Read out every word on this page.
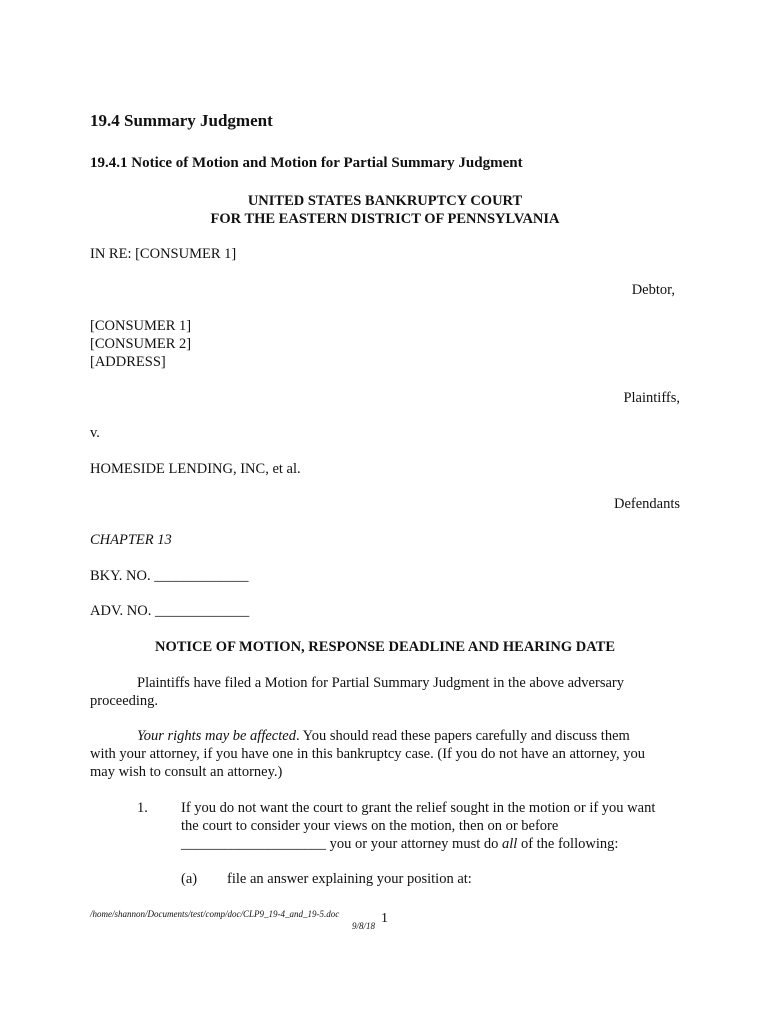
19.4 Summary Judgment
19.4.1 Notice of Motion and Motion for Partial Summary Judgment
UNITED STATES BANKRUPTCY COURT
FOR THE EASTERN DISTRICT OF PENNSYLVANIA
IN RE: [CONSUMER 1]
Debtor,
[CONSUMER 1]
[CONSUMER 2]
[ADDRESS]
Plaintiffs,
v.
HOMESIDE LENDING, INC, et al.
Defendants
CHAPTER 13
BKY. NO. _____________
ADV. NO. _____________
NOTICE OF MOTION, RESPONSE DEADLINE AND HEARING DATE
Plaintiffs have filed a Motion for Partial Summary Judgment in the above adversary
proceeding.
Your rights may be affected. You should read these papers carefully and discuss them
with your attorney, if you have one in this bankruptcy case. (If you do not have an attorney, you
may wish to consult an attorney.)
1. If you do not want the court to grant the relief sought in the motion or if you want
the court to consider your views on the motion, then on or before
____________________ you or your attorney must do all of the following:
(a) file an answer explaining your position at:
/home/shannon/Documents/test/comp/doc/CLP9_19-4_and_19-5.doc
9/8/18 1
